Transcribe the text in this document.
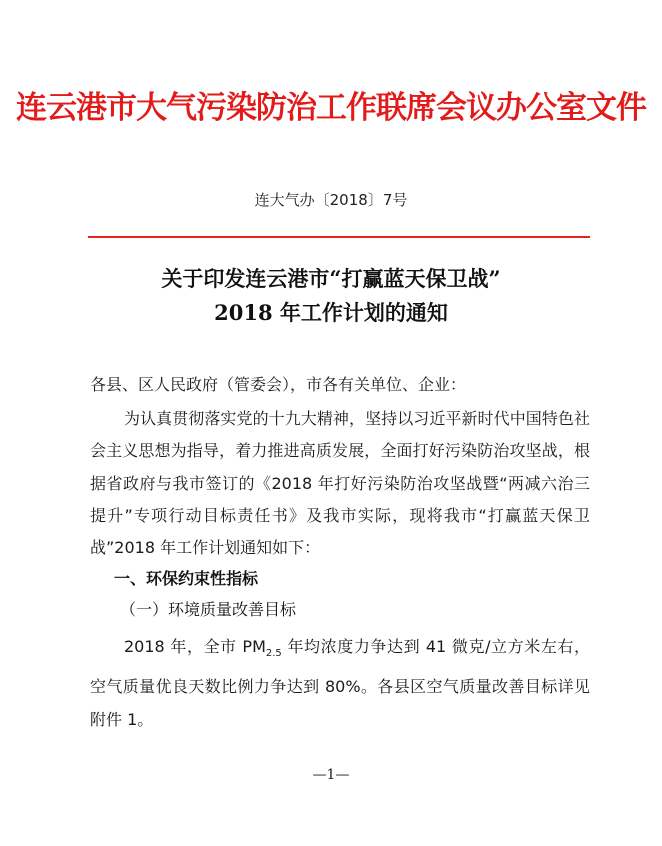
连云港市大气污染防治工作联席会议办公室文件
连大气办〔2018〕7号
关于印发连云港市“打赢蓝天保卫战”
2018 年工作计划的通知
各县、区人民政府（管委会），市各有关单位、企业：
为认真贯彻落实党的十九大精神，坚持以习近平新时代中国特色社会主义思想为指导，着力推进高质发展，全面打好污染防治攻坚战，根据省政府与我市签订的《2018 年打好污染防治攻坚战暨“两减六治三提升”专项行动目标责任书》及我市实际，现将我市“打赢蓝天保卫战”2018 年工作计划通知如下：
一、环保约束性指标
（一）环境质量改善目标
2018 年，全市 $PM_{2.5}$ 年均浓度力争达到 41 微克/立方米左右，空气质量优良天数比例力争达到 80%。各县区空气质量改善目标详见附件 1。
—1—
